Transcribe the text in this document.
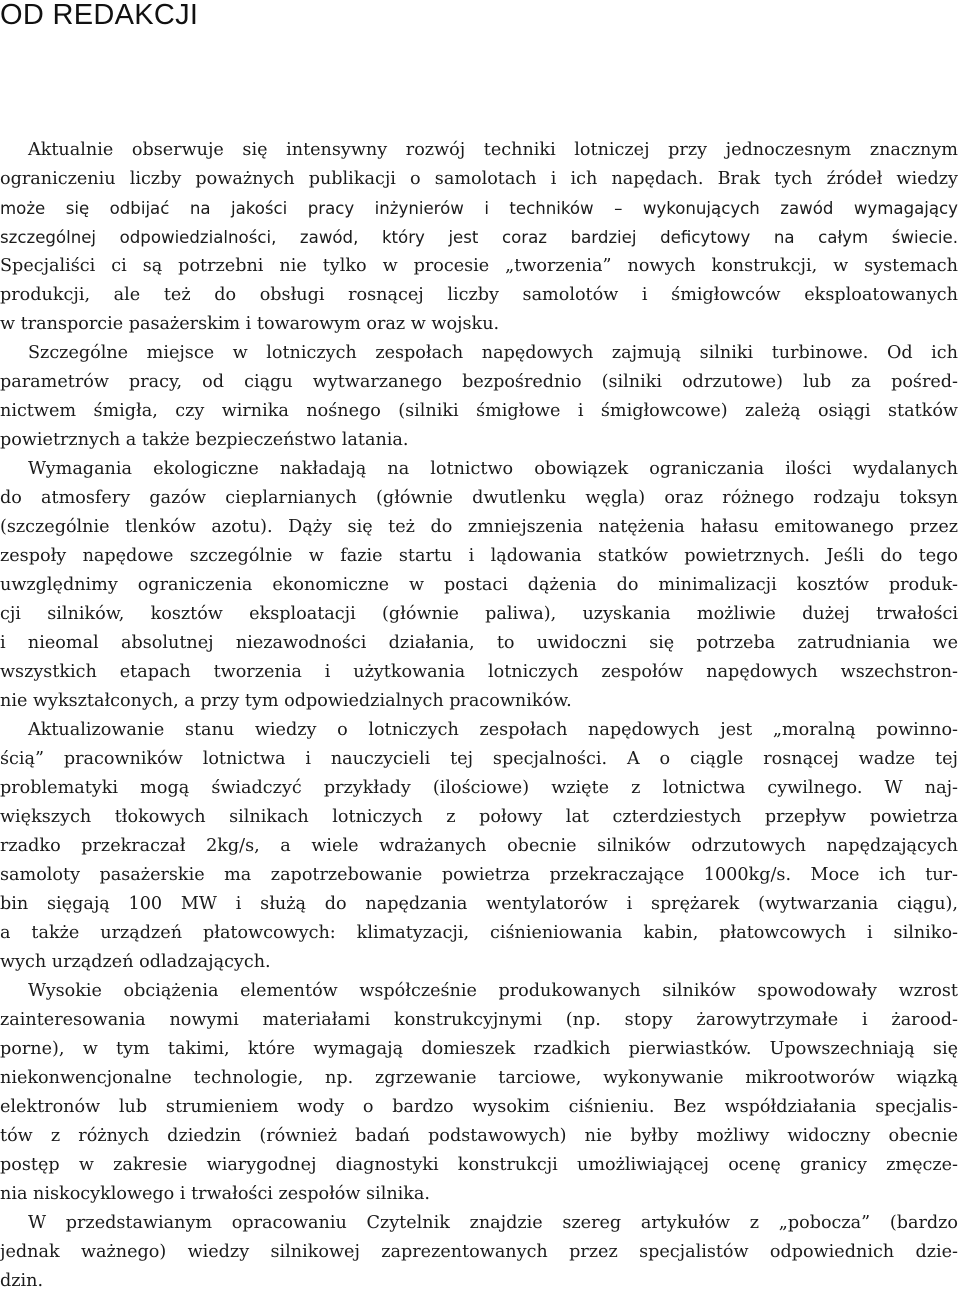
OD REDAKCJI
Aktualnie obserwuje się intensywny rozwój techniki lotniczej przy jednoczesnym znacznym
ograniczeniu liczby poważnych publikacji o samolotach i ich napędach. Brak tych źródeł wiedzy
może się odbijać na jakości pracy inżynierów i techników – wykonujących zawód wymagający
szczególnej odpowiedzialności, zawód, który jest coraz bardziej deficytowy na całym świecie.
Specjaliści ci są potrzebni nie tylko w procesie „tworzenia” nowych konstrukcji, w systemach
produkcji, ale też do obsługi rosnącej liczby samolotów i śmigłowców eksploatowanych
w transporcie pasażerskim i towarowym oraz w wojsku.
Szczególne miejsce w lotniczych zespołach napędowych zajmują silniki turbinowe. Od ich
parametrów pracy, od ciągu wytwarzanego bezpośrednio (silniki odrzutowe) lub za pośred-
nictwem śmigła, czy wirnika nośnego (silniki śmigłowe i śmigłowcowe) zależą osiągi statków
powietrznych a także bezpieczeństwo latania.
Wymagania ekologiczne nakładają na lotnictwo obowiązek ograniczania ilości wydalanych
do atmosfery gazów cieplarnianych (głównie dwutlenku węgla) oraz różnego rodzaju toksyn
(szczególnie tlenków azotu). Dąży się też do zmniejszenia natężenia hałasu emitowanego przez
zespoły napędowe szczególnie w fazie startu i lądowania statków powietrznych. Jeśli do tego
uwzględnimy ograniczenia ekonomiczne w postaci dążenia do minimalizacji kosztów produk-
cji silników, kosztów eksploatacji (głównie paliwa), uzyskania możliwie dużej trwałości
i nieomal absolutnej niezawodności działania, to uwidoczni się potrzeba zatrudniania we
wszystkich etapach tworzenia i użytkowania lotniczych zespołów napędowych wszechstron-
nie wykształconych, a przy tym odpowiedzialnych pracowników.
Aktualizowanie stanu wiedzy o lotniczych zespołach napędowych jest „moralną powinno-
ścią” pracowników lotnictwa i nauczycieli tej specjalności. A o ciągle rosnącej wadze tej
problematyki mogą świadczyć przykłady (ilościowe) wzięte z lotnictwa cywilnego. W naj-
większych tłokowych silnikach lotniczych z połowy lat czterdziestych przepływ powietrza
rzadko przekraczał 2kg/s, a wiele wdrażanych obecnie silników odrzutowych napędzających
samoloty pasażerskie ma zapotrzebowanie powietrza przekraczające 1000kg/s. Moce ich tur-
bin sięgają 100 MW i służą do napędzania wentylatorów i sprężarek (wytwarzania ciągu),
a także urządzeń płatowcowych: klimatyzacji, ciśnieniowania kabin, płatowcowych i silniko-
wych urządzeń odladzających.
Wysokie obciążenia elementów współcześnie produkowanych silników spowodowały wzrost
zainteresowania nowymi materiałami konstrukcyjnymi (np. stopy żarowytrzymałe i żarood-
porne), w tym takimi, które wymagają domieszek rzadkich pierwiastków. Upowszechniają się
niekonwencjonalne technologie, np. zgrzewanie tarciowe, wykonywanie mikrootworów wiązką
elektronów lub strumieniem wody o bardzo wysokim ciśnieniu. Bez współdziałania specjalis-
tów z różnych dziedzin (również badań podstawowych) nie byłby możliwy widoczny obecnie
postęp w zakresie wiarygodnej diagnostyki konstrukcji umożliwiającej ocenę granicy zmęcze-
nia niskocyklowego i trwałości zespołów silnika.
W przedstawianym opracowaniu Czytelnik znajdzie szereg artykułów z „pobocza” (bardzo
jednak ważnego) wiedzy silnikowej zaprezentowanych przez specjalistów odpowiednich dzie-
dzin.
